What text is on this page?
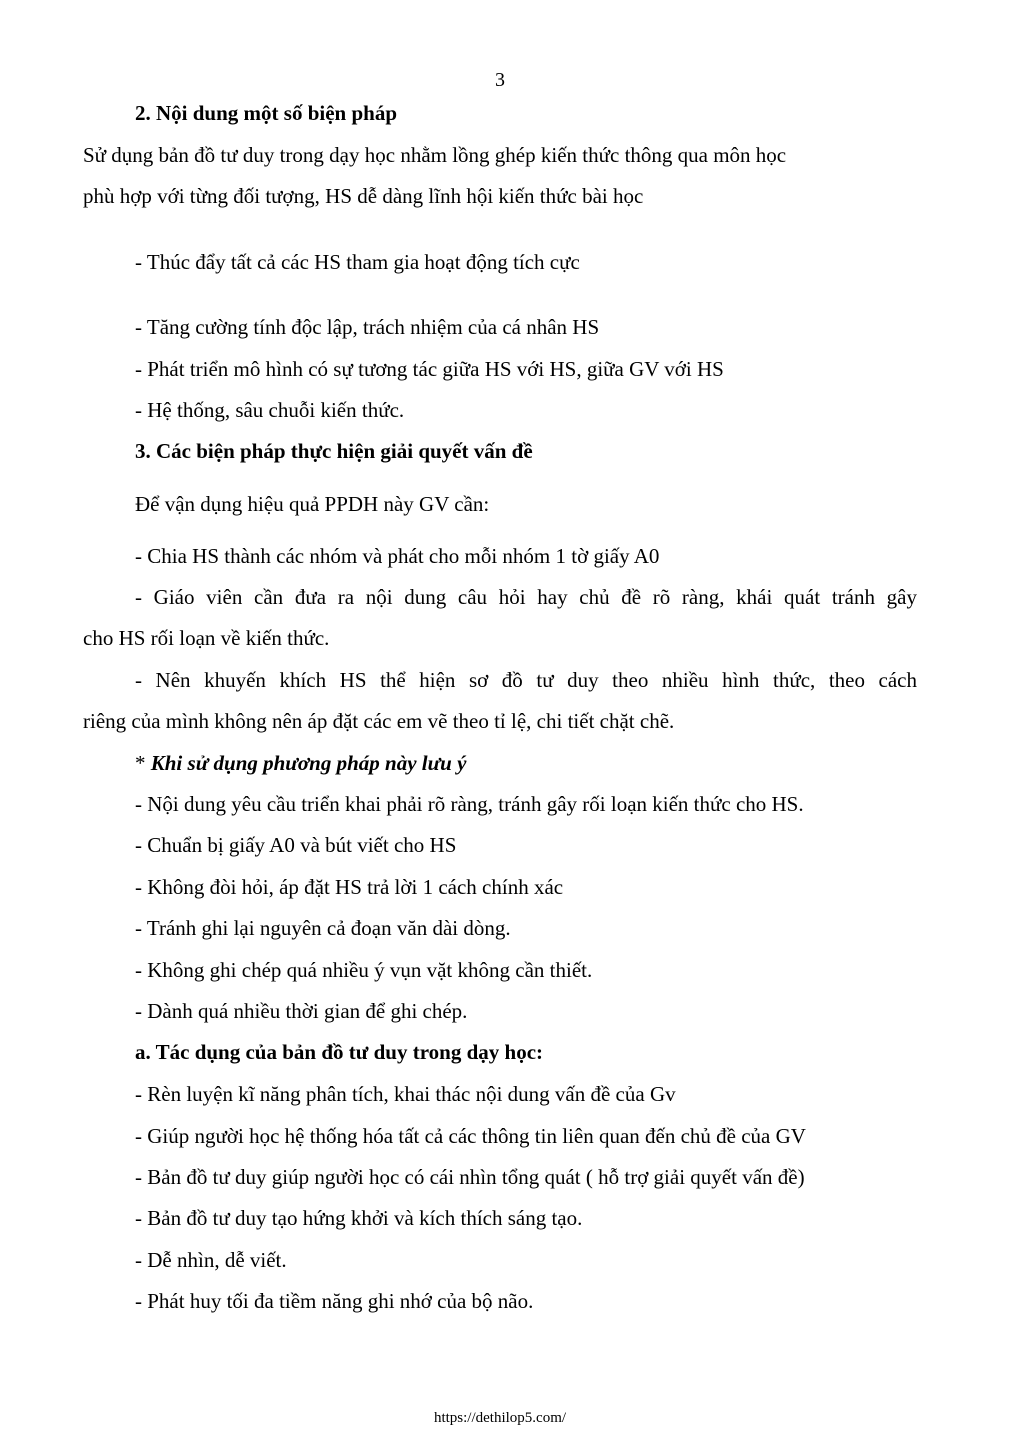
3
2. Nội dung một số biện pháp
Sử dụng bản đồ tư duy trong dạy học nhằm lồng ghép kiến thức thông qua môn học
phù hợp với từng đối tượng, HS dễ dàng lĩnh hội kiến thức bài học
- Thúc đẩy tất cả các HS tham gia hoạt động tích cực
- Tăng cường tính độc lập, trách nhiệm của cá nhân HS
- Phát triển mô hình có sự tương tác giữa HS với HS, giữa GV với HS
- Hệ thống, sâu chuỗi kiến thức.
3. Các biện pháp thực hiện giải quyết vấn đề
Để vận dụng hiệu quả PPDH này GV cần:
- Chia HS thành các nhóm và phát cho mỗi nhóm 1 tờ giấy A0
- Giáo viên cần đưa ra nội dung câu hỏi hay chủ đề rõ ràng, khái quát tránh gây
cho HS rối loạn về kiến thức.
- Nên khuyến khích HS thể hiện sơ đồ tư duy theo nhiều hình thức, theo cách
riêng của mình không nên áp đặt các em vẽ theo tỉ lệ, chi tiết chặt chẽ.
* Khi sử dụng phương pháp này lưu ý
- Nội dung yêu cầu triển khai phải rõ ràng, tránh gây rối loạn kiến thức cho HS.
- Chuẩn bị giấy A0 và bút viết cho HS
- Không đòi hỏi, áp đặt HS trả lời 1 cách chính xác
- Tránh ghi lại nguyên cả đoạn văn dài dòng.
- Không ghi chép quá nhiều ý vụn vặt không cần thiết.
- Dành quá nhiều thời gian để ghi chép.
a. Tác dụng của bản đồ tư duy trong dạy học:
- Rèn luyện kĩ năng phân tích, khai thác nội dung vấn đề của Gv
- Giúp người học hệ thống hóa tất cả các thông tin liên quan đến chủ đề của GV
- Bản đồ tư duy giúp người học có cái nhìn tổng quát ( hỗ trợ giải quyết vấn đề)
- Bản đồ tư duy tạo hứng khởi và kích thích sáng tạo.
- Dễ nhìn, dễ viết.
- Phát huy tối đa tiềm năng ghi nhớ của bộ não.
https://dethilop5.com/
